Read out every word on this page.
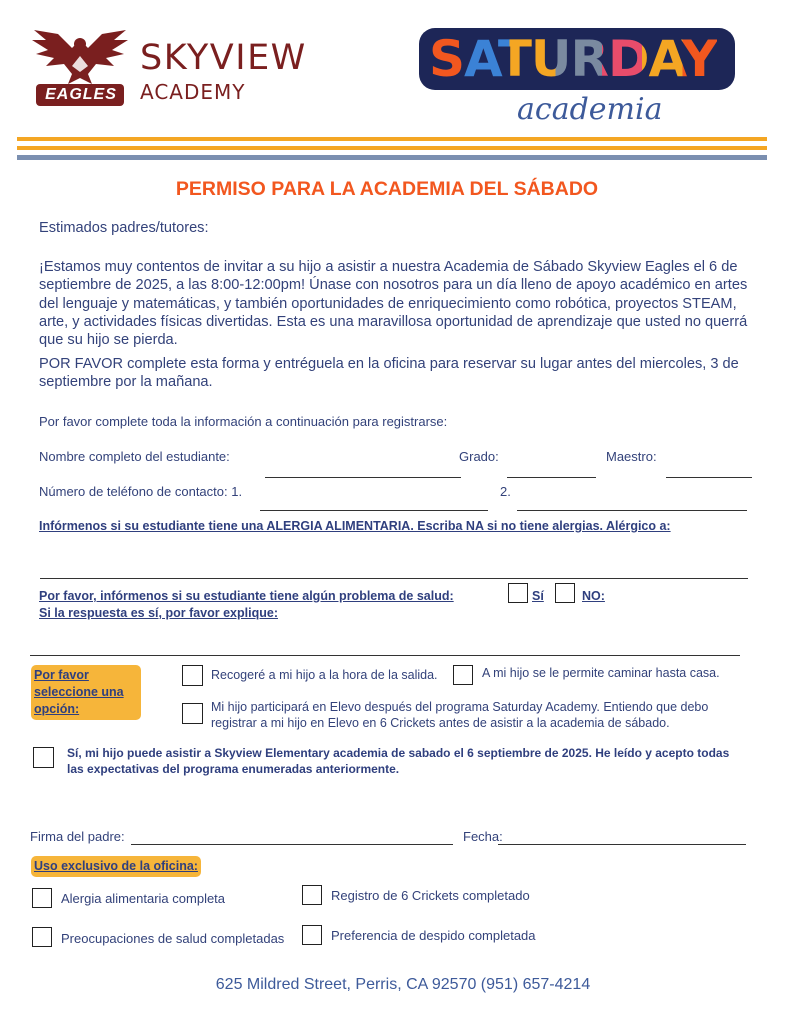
EAGLES
SKYVIEW
ACADEMY
SATURDAY
academia
PERMISO PARA LA ACADEMIA DEL SÁBADO
Estimados padres/tutores:
¡Estamos muy contentos de invitar a su hijo a asistir a nuestra Academia de Sábado Skyview Eagles el 6 de septiembre de 2025, a las 8:00-12:00pm! Únase con nosotros para un día lleno de apoyo académico en artes del lenguaje y matemáticas, y también oportunidades de enriquecimiento como robótica, proyectos STEAM, arte, y actividades físicas divertidas. Esta es una maravillosa oportunidad de aprendizaje que usted no querrá que su hijo se pierda.
POR FAVOR complete esta forma y entréguela en la oficina para reservar su lugar antes del miercoles, 3 de septiembre por la mañana.
Por favor complete toda la información a continuación para registrarse:
Nombre completo del estudiante:	Grado:	Maestro:
Número de teléfono de contacto: 1.	2.
Infórmenos si su estudiante tiene una ALERGIA ALIMENTARIA. Escriba NA si no tiene alergias. Alérgico a:
Por favor, infórmenos si su estudiante tiene algún problema de salud:	Sí	NO:
Si la respuesta es sí, por favor explique:
Por favor seleccione una opción:
Recogeré a mi hijo a la hora de la salida.	A mi hijo se le permite caminar hasta casa.
Mi hijo participará en Elevo después del programa Saturday Academy. Entiendo que debo registrar a mi hijo en Elevo en 6 Crickets antes de asistir a la academia de sábado.
Sí, mi hijo puede asistir a Skyview Elementary academia de sabado el 6 septiembre de 2025. He leído y acepto todas las expectativas del programa enumeradas anteriormente.
Firma del padre:	Fecha:
Uso exclusivo de la oficina:
Alergia alimentaria completa	Registro de 6 Crickets completado
Preocupaciones de salud completadas	Preferencia de despido completada
625 Mildred Street, Perris, CA 92570 (951) 657-4214
